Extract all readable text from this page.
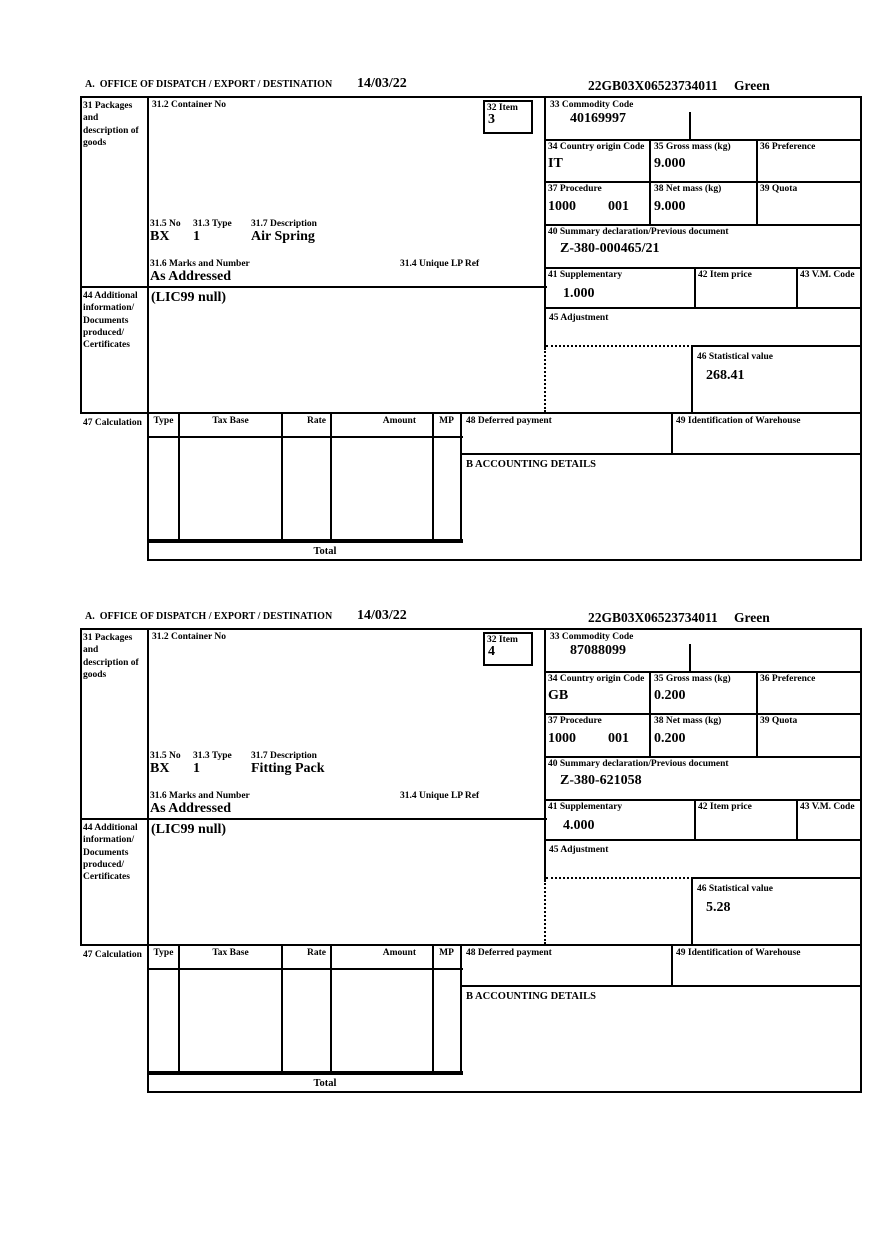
A.  OFFICE OF DISPATCH / EXPORT / DESTINATION 14/03/22	22GB03X06523734011 Green
31 Packages and description of goods
31.2 Container No	32 Item
3
33 Commodity Code
40169997
34 Country origin Code
IT
35 Gross mass (kg)
9.000
36 Preference
37 Procedure
1000 001
38 Net mass (kg)
9.000
39 Quota
31.5 No 31.3 Type 31.7 Description
BX 1	Air Spring
31.6 Marks and Number	31.4 Unique LP Ref
As Addressed
40 Summary declaration/Previous document
Z-380-000465/21
41 Supplementary
1.000
42 Item price	43 V.M. Code
45 Adjustment
46 Statistical value
268.41
44 Additional information/ Documents produced/ Certificates
(LIC99 null)
47 Calculation	Type	Tax Base	Rate	Amount	MP	48 Deferred payment	49 Identification of Warehouse
B ACCOUNTING DETAILS
Total
A.  OFFICE OF DISPATCH / EXPORT / DESTINATION 14/03/22	22GB03X06523734011 Green
31 Packages and description of goods
31.2 Container No	32 Item
4
33 Commodity Code
87088099
34 Country origin Code
GB
35 Gross mass (kg)
0.200
36 Preference
37 Procedure
1000 001
38 Net mass (kg)
0.200
39 Quota
31.5 No 31.3 Type 31.7 Description
BX 1	Fitting Pack
31.6 Marks and Number	31.4 Unique LP Ref
As Addressed
40 Summary declaration/Previous document
Z-380-621058
41 Supplementary
4.000
42 Item price	43 V.M. Code
45 Adjustment
46 Statistical value
5.28
44 Additional information/ Documents produced/ Certificates
(LIC99 null)
47 Calculation	Type	Tax Base	Rate	Amount	MP	48 Deferred payment	49 Identification of Warehouse
B ACCOUNTING DETAILS
Total
